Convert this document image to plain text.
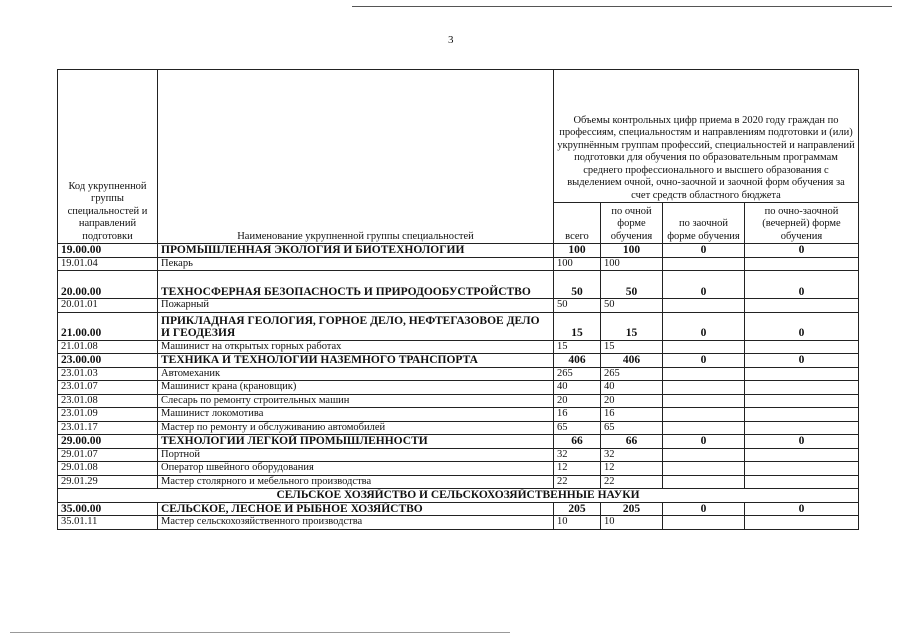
3
Код укрупненной группы специальностей и направлений подготовки	Наименование укрупненной группы специальностей	Объемы контрольных цифр приема в 2020 году граждан по профессиям, специальностям и направлениям подготовки и (или) укрупнённым группам профессий, специальностей и направлений подготовки для обучения по образовательным программам среднего профессионального и высшего образования с выделением очной, очно-заочной и заочной форм обучения за счет средств областного бюджета			
		всего	по очной форме обучения	по заочной форме обучения	по очно-заочной (вечерней) форме обучения
19.00.00	ПРОМЫШЛЕННАЯ ЭКОЛОГИЯ И БИОТЕХНОЛОГИИ	100	100	0	0
19.01.04	Пекарь	100	100		
20.00.00	ТЕХНОСФЕРНАЯ БЕЗОПАСНОСТЬ И ПРИРОДООБУСТРОЙСТВО	50	50	0	0
20.01.01	Пожарный	50	50		
21.00.00	ПРИКЛАДНАЯ ГЕОЛОГИЯ, ГОРНОЕ ДЕЛО, НЕФТЕГАЗОВОЕ ДЕЛО И ГЕОДЕЗИЯ	15	15	0	0
21.01.08	Машинист на открытых горных работах	15	15		
23.00.00	ТЕХНИКА И ТЕХНОЛОГИИ НАЗЕМНОГО ТРАНСПОРТА	406	406	0	0
23.01.03	Автомеханик	265	265		
23.01.07	Машинист крана (крановщик)	40	40		
23.01.08	Слесарь по ремонту строительных машин	20	20		
23.01.09	Машинист локомотива	16	16		
23.01.17	Мастер по ремонту и обслуживанию автомобилей	65	65		
29.00.00	ТЕХНОЛОГИИ ЛЕГКОЙ ПРОМЫШЛЕННОСТИ	66	66	0	0
29.01.07	Портной	32	32		
29.01.08	Оператор швейного оборудования	12	12		
29.01.29	Мастер столярного и мебельного производства	22	22		
СЕЛЬСКОЕ ХОЗЯЙСТВО И СЕЛЬСКОХОЗЯЙСТВЕННЫЕ НАУКИ					
35.00.00	СЕЛЬСКОЕ, ЛЕСНОЕ И РЫБНОЕ ХОЗЯЙСТВО	205	205	0	0
35.01.11	Мастер сельскохозяйственного производства	10	10		
